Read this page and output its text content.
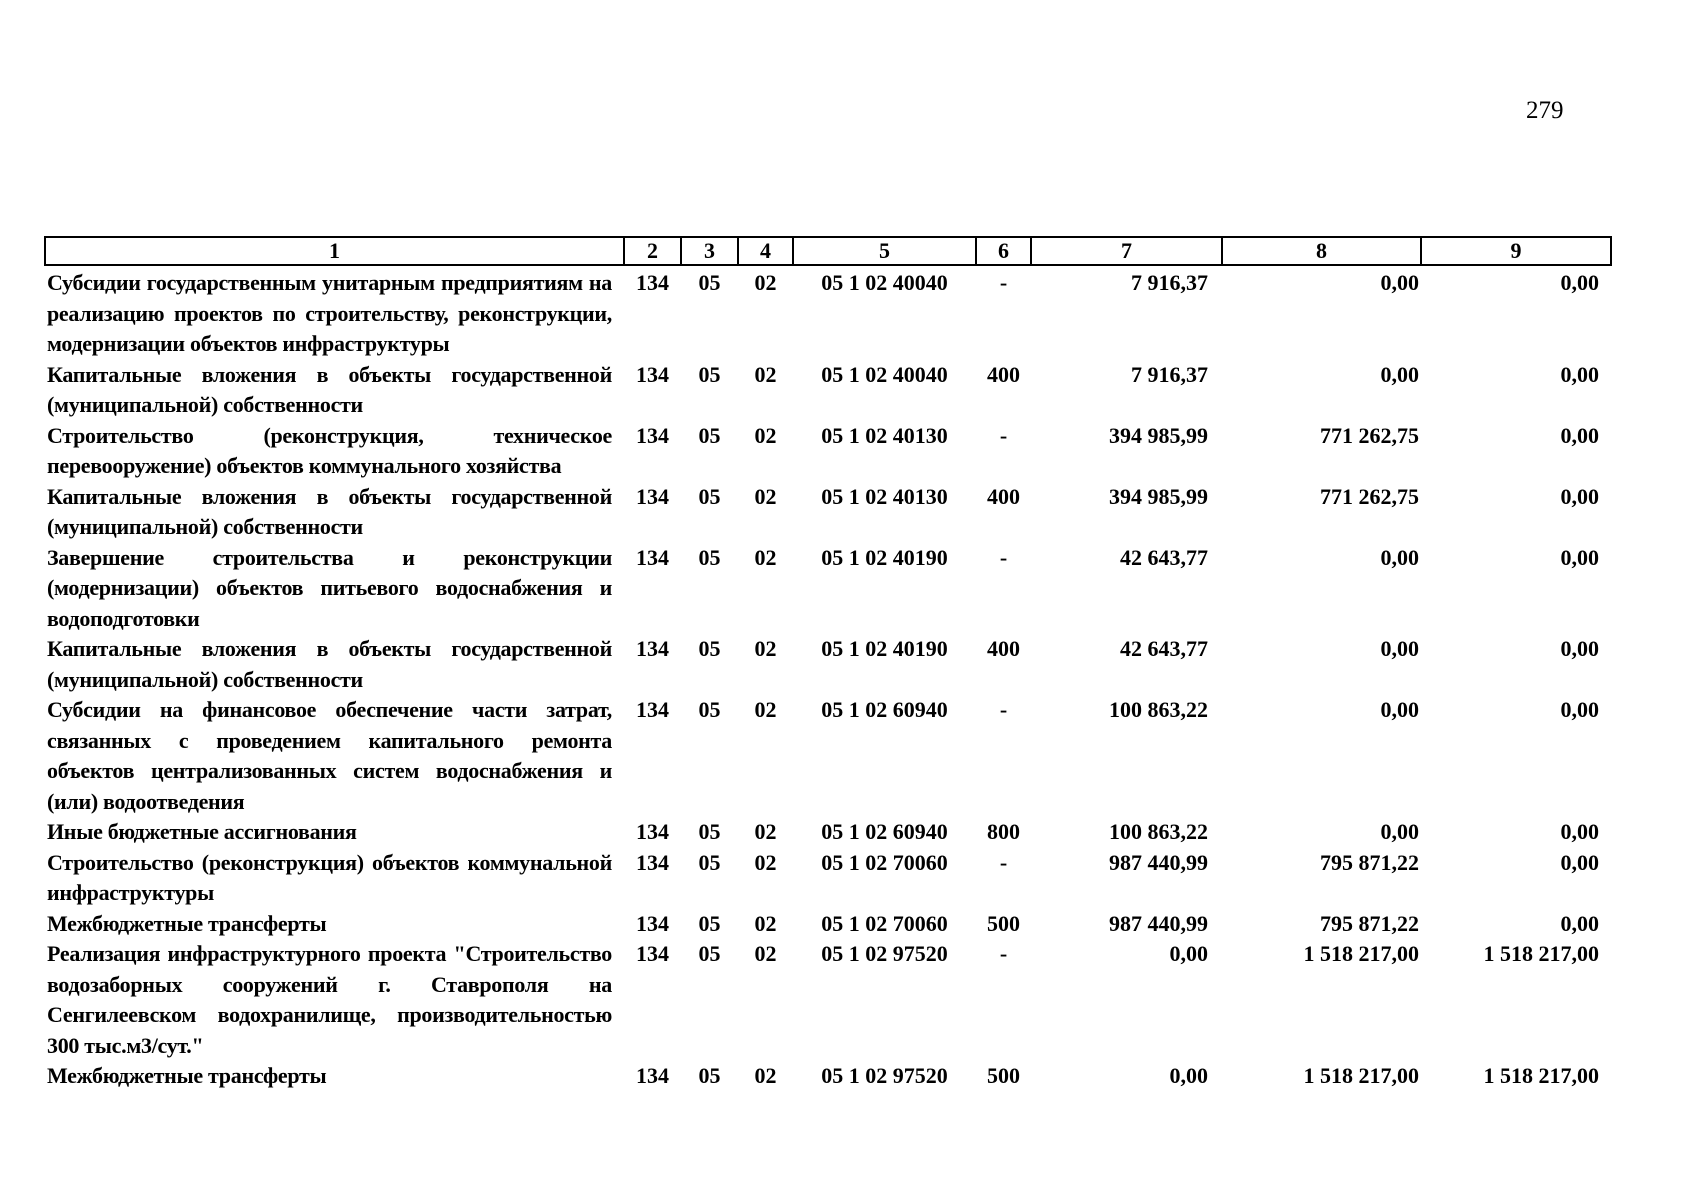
279
1	2	3	4	5	6	7	8	9
Субсидии государственным унитарным предприятиям на реализацию проектов по строительству, реконструкции, модернизации объектов инфраструктуры	134	05	02	05 1 02 40040	-	7 916,37	0,00	0,00
Капитальные вложения в объекты государственной (муниципальной) собственности	134	05	02	05 1 02 40040	400	7 916,37	0,00	0,00
Строительство (реконструкция, техническое перевооружение) объектов коммунального хозяйства	134	05	02	05 1 02 40130	-	394 985,99	771 262,75	0,00
Капитальные вложения в объекты государственной (муниципальной) собственности	134	05	02	05 1 02 40130	400	394 985,99	771 262,75	0,00
Завершение строительства и реконструкции (модернизации) объектов питьевого водоснабжения и водоподготовки	134	05	02	05 1 02 40190	-	42 643,77	0,00	0,00
Капитальные вложения в объекты государственной (муниципальной) собственности	134	05	02	05 1 02 40190	400	42 643,77	0,00	0,00
Субсидии на финансовое обеспечение части затрат, связанных с проведением капитального ремонта объектов централизованных систем водоснабжения и (или) водоотведения	134	05	02	05 1 02 60940	-	100 863,22	0,00	0,00
Иные бюджетные ассигнования	134	05	02	05 1 02 60940	800	100 863,22	0,00	0,00
Строительство (реконструкция) объектов коммунальной инфраструктуры	134	05	02	05 1 02 70060	-	987 440,99	795 871,22	0,00
Межбюджетные трансферты	134	05	02	05 1 02 70060	500	987 440,99	795 871,22	0,00
Реализация инфраструктурного проекта "Строительство водозаборных сооружений г. Ставрополя на Сенгилеевском водохранилище, производительностью 300 тыс.м3/сут."	134	05	02	05 1 02 97520	-	0,00	1 518 217,00	1 518 217,00
Межбюджетные трансферты	134	05	02	05 1 02 97520	500	0,00	1 518 217,00	1 518 217,00
